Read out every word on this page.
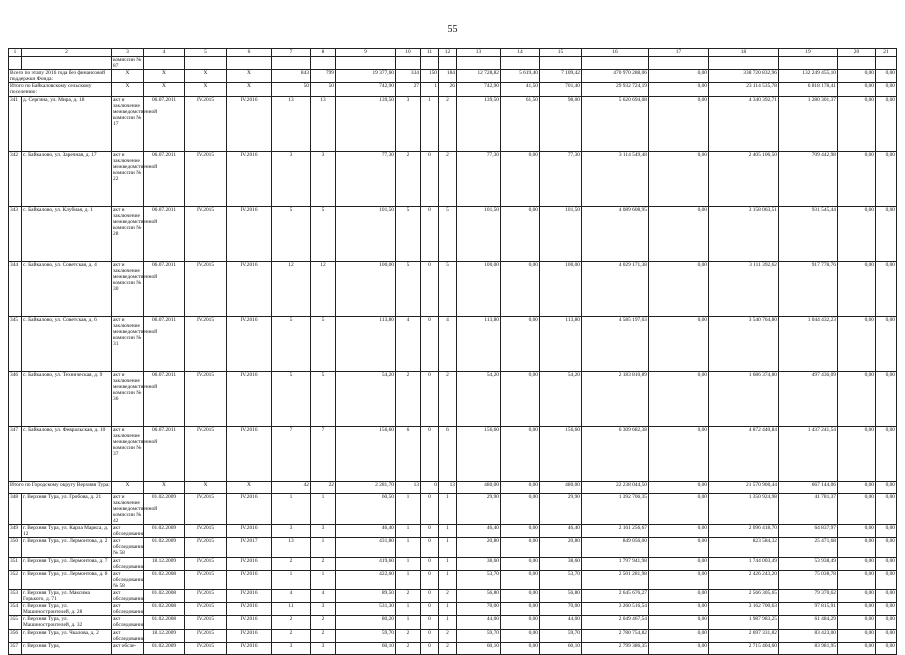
55
1	2	3	4	5	6	7	8	9	10	11	12	13	14	15	16	17	18	19	20	21
		комиссии № 87																		
Всего по этапу 2016 года без финансовой поддержки Фонда:		X	X	X	X	843	799	19 377,60	334	150	184	12 728,82	5 619,40	7 109,42	470 970 288,06	0,00	338 720 832,96	132 249 455,10	0,00	0,00
Итого по Байкаловскому сельскому поселению:		X	X	X	X	50	50	742,90	27	1	26	742,90	41,50	701,40	29 932 724,19	0,00	23 114 535,78	6 818 178,41	0,00	0,00
341	д. Сергина, ул. Мира, д. 18	акт и заключение межведомственной комиссии № 17	06.07.2011	IV.2015	IV.2016	13	13	139,50	3	1	2	139,50	61,50	98,00	5 620 694,08	0,00	4 340 392,71	1 280 301,37	0,00	0,00
342	с. Байкалово, ул. Заречная, д. 17	акт и заключение межведомственной комиссии № 22	06.07.2011	IV.2015	IV.2016	3	3	77,30	2	0	2	77,30	0,00	77,30	3 114 549,48	0,00	2 405 106,50	709 442,98	0,00	0,00
343	с. Байкалово, ул. Клубная, д. 1	акт и заключение межведомственной комиссии № 28	06.07.2011	IV.2015	IV.2016	5	5	101,50	5	0	5	101,50	0,00	101,50	4 089 608,95	0,00	3 158 063,51	931 545,44	0,00	0,00
344	с. Байкалово, ул. Советская, д. 4	акт и заключение межведомственной комиссии № 30	06.07.2011	IV.2015	IV.2016	12	12	100,00	5	0	5	100,00	0,00	100,00	4 029 171,38	0,00	3 111 392,62	917 778,76	0,00	0,00
345	с. Байкалово, ул. Советская, д. 6	акт и заключение межведомственной комиссии № 31	06.07.2011	IV.2015	IV.2016	5	5	113,80	4	0	4	113,80	0,00	113,80	4 585 197,03	0,00	3 540 764,80	1 044 432,23	0,00	0,00
346	с. Байкалово, ул. Техническая, д. 9	акт и заключение межведомственной комиссии № 36	06.07.2011	IV.2015	IV.2016	5	5	54,20	2	0	2	54,20	0,00	54,20	2 183 810,89	0,00	1 686 374,80	497 436,09	0,00	0,00
347	с. Байкалово, ул. Февральская, д. 10	акт и заключение межведомственной комиссии № 37	06.07.2011	IV.2015	IV.2016	7	7	156,60	6	0	6	156,60	0,00	156,60	6 309 682,38	0,00	4 872 440,84	1 437 241,54	0,00	0,00
Итого по Городскому округу Верхняя Тура:		X	X	X	X	42	22	2 281,70	13	0	13	480,00	0,00	480,00	22 238 044,50	0,00	21 570 900,44	667 144,06	0,00	0,00
348	г. Верхняя Тура, ул. Гробова, д. 21	акт и заключение межведомственной комиссии № 42	01.02.2009	IV.2015	IV.2016	1	1	60,50	1	0	1	29,90	0,00	29,90	1 392 706,35	0,00	1 350 924,98	41 781,37	0,00	0,00
349	г. Верхняя Тура, ул. Карла Маркса, д. 12	акт обследования	01.02.2009	IV.2015	IV.2016	3	3	46,40	1	0	1	46,40	0,00	46,40	2 161 256,67	0,00	2 096 418,70	64 837,97	0,00	0,00
350	г. Верхняя Тура, ул. Лермонтова, д. 2	акт обследования № 58	01.02.2009	IV.2015	IV.2017	13	1	431,80	1	0	1	20,80	0,00	20,80	849 056,00	0,00	823 584,32	25 471,68	0,00	0,00
351	г. Верхняя Тура, ул. Лермонтова, д. 7	акт обследования	18.12.2009	IV.2015	IV.2016	2	2	419,60	1	0	1	38,60	0,00	38,60	1 797 941,98	0,00	1 744 003,49	53 938,49	0,00	0,00
352	г. Верхняя Тура, ул. Лермонтова, д. 8	акт обследования № 58	01.02.2008	IV.2015	IV.2016	1	1	422,60	1	0	1	53,70	0,00	53,70	2 501 281,98	0,00	2 426 243,20	75 038,78	0,00	0,00
353	г. Верхняя Тура, ул. Максима Горького, д. 71	акт обследования	01.02.2008	IV.2015	IV.2016	4	4	89,50	2	0	2	56,80	0,00	56,80	2 645 676,27	0,00	2 566 305,65	79 370,62	0,00	0,00
354	г. Верхняя Тура, ул. Машиностроителей, д. 28	акт обследования	01.02.2008	IV.2015	IV.2016	11	3	531,30	1	0	1	70,00	0,00	70,00	3 260 516,54	0,00	3 162 700,63	97 815,91	0,00	0,00
355	г. Верхняя Тура, ул. Машиностроителей, д. 32	акт обследования	01.02.2008	IV.2015	IV.2016	2	2	80,20	1	0	1	44,00	0,00	44,00	2 049 467,54	0,00	1 987 983,25	61 484,29	0,00	0,00
356	г. Верхняя Тура, ул. Чкалова, д. 2	акт обследования	18.12.2009	IV.2015	IV.2016	2	2	59,70	2	0	2	59,70	0,00	59,70	2 780 754,82	0,00	2 697 331,82	83 423,00	0,00	0,00
357	г. Верхняя Тура,	акт обсле-	01.02.2009	IV.2015	IV.2016	3	3	60,10	2	0	2	60,10	0,00	60,10	2 799 386,35	0,00	2 715 404,60	83 981,95	0,00	0,00
